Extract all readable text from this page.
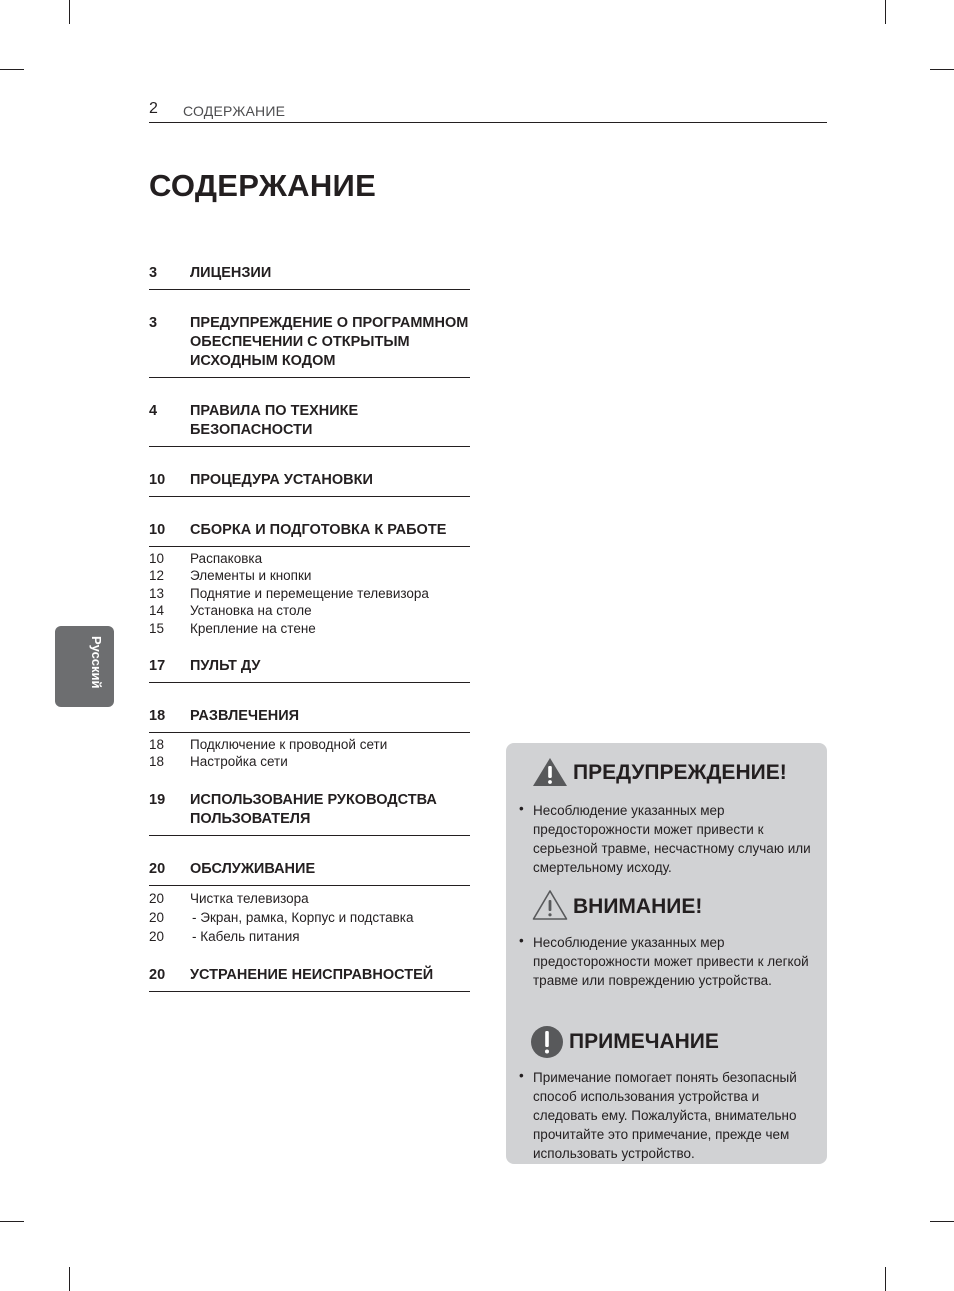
2 СОДЕРЖАНИЕ
СОДЕРЖАНИЕ
Русский
3	ЛИЦЕНЗИИ
3	ПРЕДУПРЕЖДЕНИЕ О ПРОГРАММНОМ ОБЕСПЕЧЕНИИ С ОТКРЫТЫМ ИСХОДНЫМ КОДОМ
4	ПРАВИЛА ПО ТЕХНИКЕ БЕЗОПАСНОСТИ
10	ПРОЦЕДУРА УСТАНОВКИ
10	СБОРКА И ПОДГОТОВКА К РАБОТЕ
10	Распаковка
12	Элементы и кнопки
13	Поднятие и перемещение телевизора
14	Установка на столе
15	Крепление на стене
17	ПУЛЬТ ДУ
18	РАЗВЛЕЧЕНИЯ
18	Подключение к проводной сети
18	Настройка сети
19	ИСПОЛЬЗОВАНИЕ РУКОВОДСТВА ПОЛЬЗОВАТЕЛЯ
20	ОБСЛУЖИВАНИЕ
20	Чистка телевизора
20	- Экран, рамка, Корпус и подставка
20	- Кабель питания
20	УСТРАНЕНИЕ НЕИСПРАВНОСТЕЙ
ПРЕДУПРЕЖДЕНИЕ!
• Несоблюдение указанных мер предосторожности может привести к серьезной травме, несчастному случаю или смертельному исходу.

ВНИМАНИЕ!
• Несоблюдение указанных мер предосторожности может привести к легкой травме или повреждению устройства.

ПРИМЕЧАНИЕ
• Примечание помогает понять безопасный способ использования устройства и следовать ему. Пожалуйста, внимательно прочитайте это примечание, прежде чем использовать устройство.
